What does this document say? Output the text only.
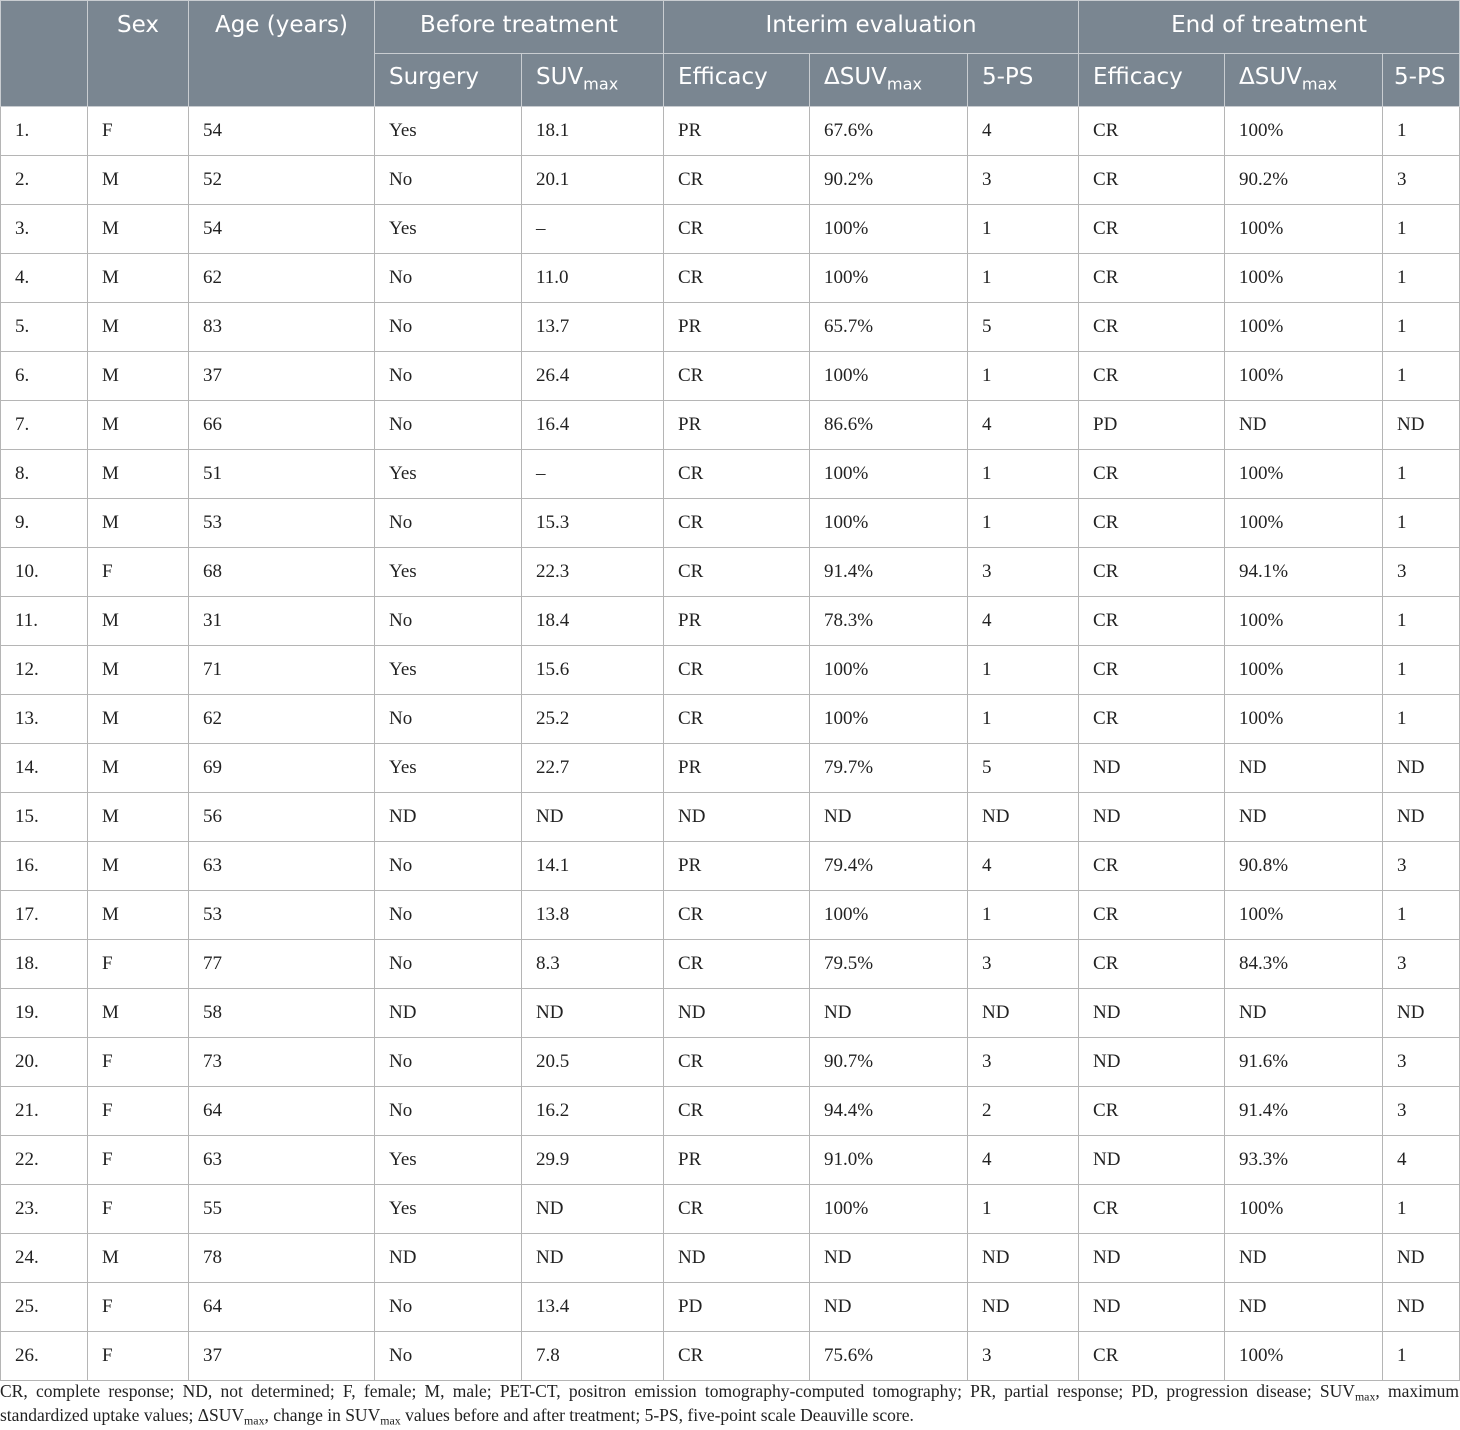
	Sex	Age (years)	Before treatment		Interim evaluation			End of treatment		
			Surgery	$SUV_{max}$	Efficacy	$\Delta SUV_{max}$	5-PS	Efficacy	$\Delta SUV_{max}$	5-PS
1.	F	54	Yes	18.1	PR	67.6%	4	CR	100%	1
2.	M	52	No	20.1	CR	90.2%	3	CR	90.2%	3
3.	M	54	Yes	–	CR	100%	1	CR	100%	1
4.	M	62	No	11.0	CR	100%	1	CR	100%	1
5.	M	83	No	13.7	PR	65.7%	5	CR	100%	1
6.	M	37	No	26.4	CR	100%	1	CR	100%	1
7.	M	66	No	16.4	PR	86.6%	4	PD	ND	ND
8.	M	51	Yes	–	CR	100%	1	CR	100%	1
9.	M	53	No	15.3	CR	100%	1	CR	100%	1
10.	F	68	Yes	22.3	CR	91.4%	3	CR	94.1%	3
11.	M	31	No	18.4	PR	78.3%	4	CR	100%	1
12.	M	71	Yes	15.6	CR	100%	1	CR	100%	1
13.	M	62	No	25.2	CR	100%	1	CR	100%	1
14.	M	69	Yes	22.7	PR	79.7%	5	ND	ND	ND
15.	M	56	ND	ND	ND	ND	ND	ND	ND	ND
16.	M	63	No	14.1	PR	79.4%	4	CR	90.8%	3
17.	M	53	No	13.8	CR	100%	1	CR	100%	1
18.	F	77	No	8.3	CR	79.5%	3	CR	84.3%	3
19.	M	58	ND	ND	ND	ND	ND	ND	ND	ND
20.	F	73	No	20.5	CR	90.7%	3	ND	91.6%	3
21.	F	64	No	16.2	CR	94.4%	2	CR	91.4%	3
22.	F	63	Yes	29.9	PR	91.0%	4	ND	93.3%	4
23.	F	55	Yes	ND	CR	100%	1	CR	100%	1
24.	M	78	ND	ND	ND	ND	ND	ND	ND	ND
25.	F	64	No	13.4	PD	ND	ND	ND	ND	ND
26.	F	37	No	7.8	CR	75.6%	3	CR	100%	1
CR, complete response; ND, not determined; F, female; M, male; PET-CT, positron emission tomography-computed tomography; PR, partial response; PD, progression disease; $SUV_{max}$, maximum standardized uptake values; $\Delta SUV_{max}$, change in $SUV_{max}$ values before and after treatment; 5-PS, five-point scale Deauville score.
